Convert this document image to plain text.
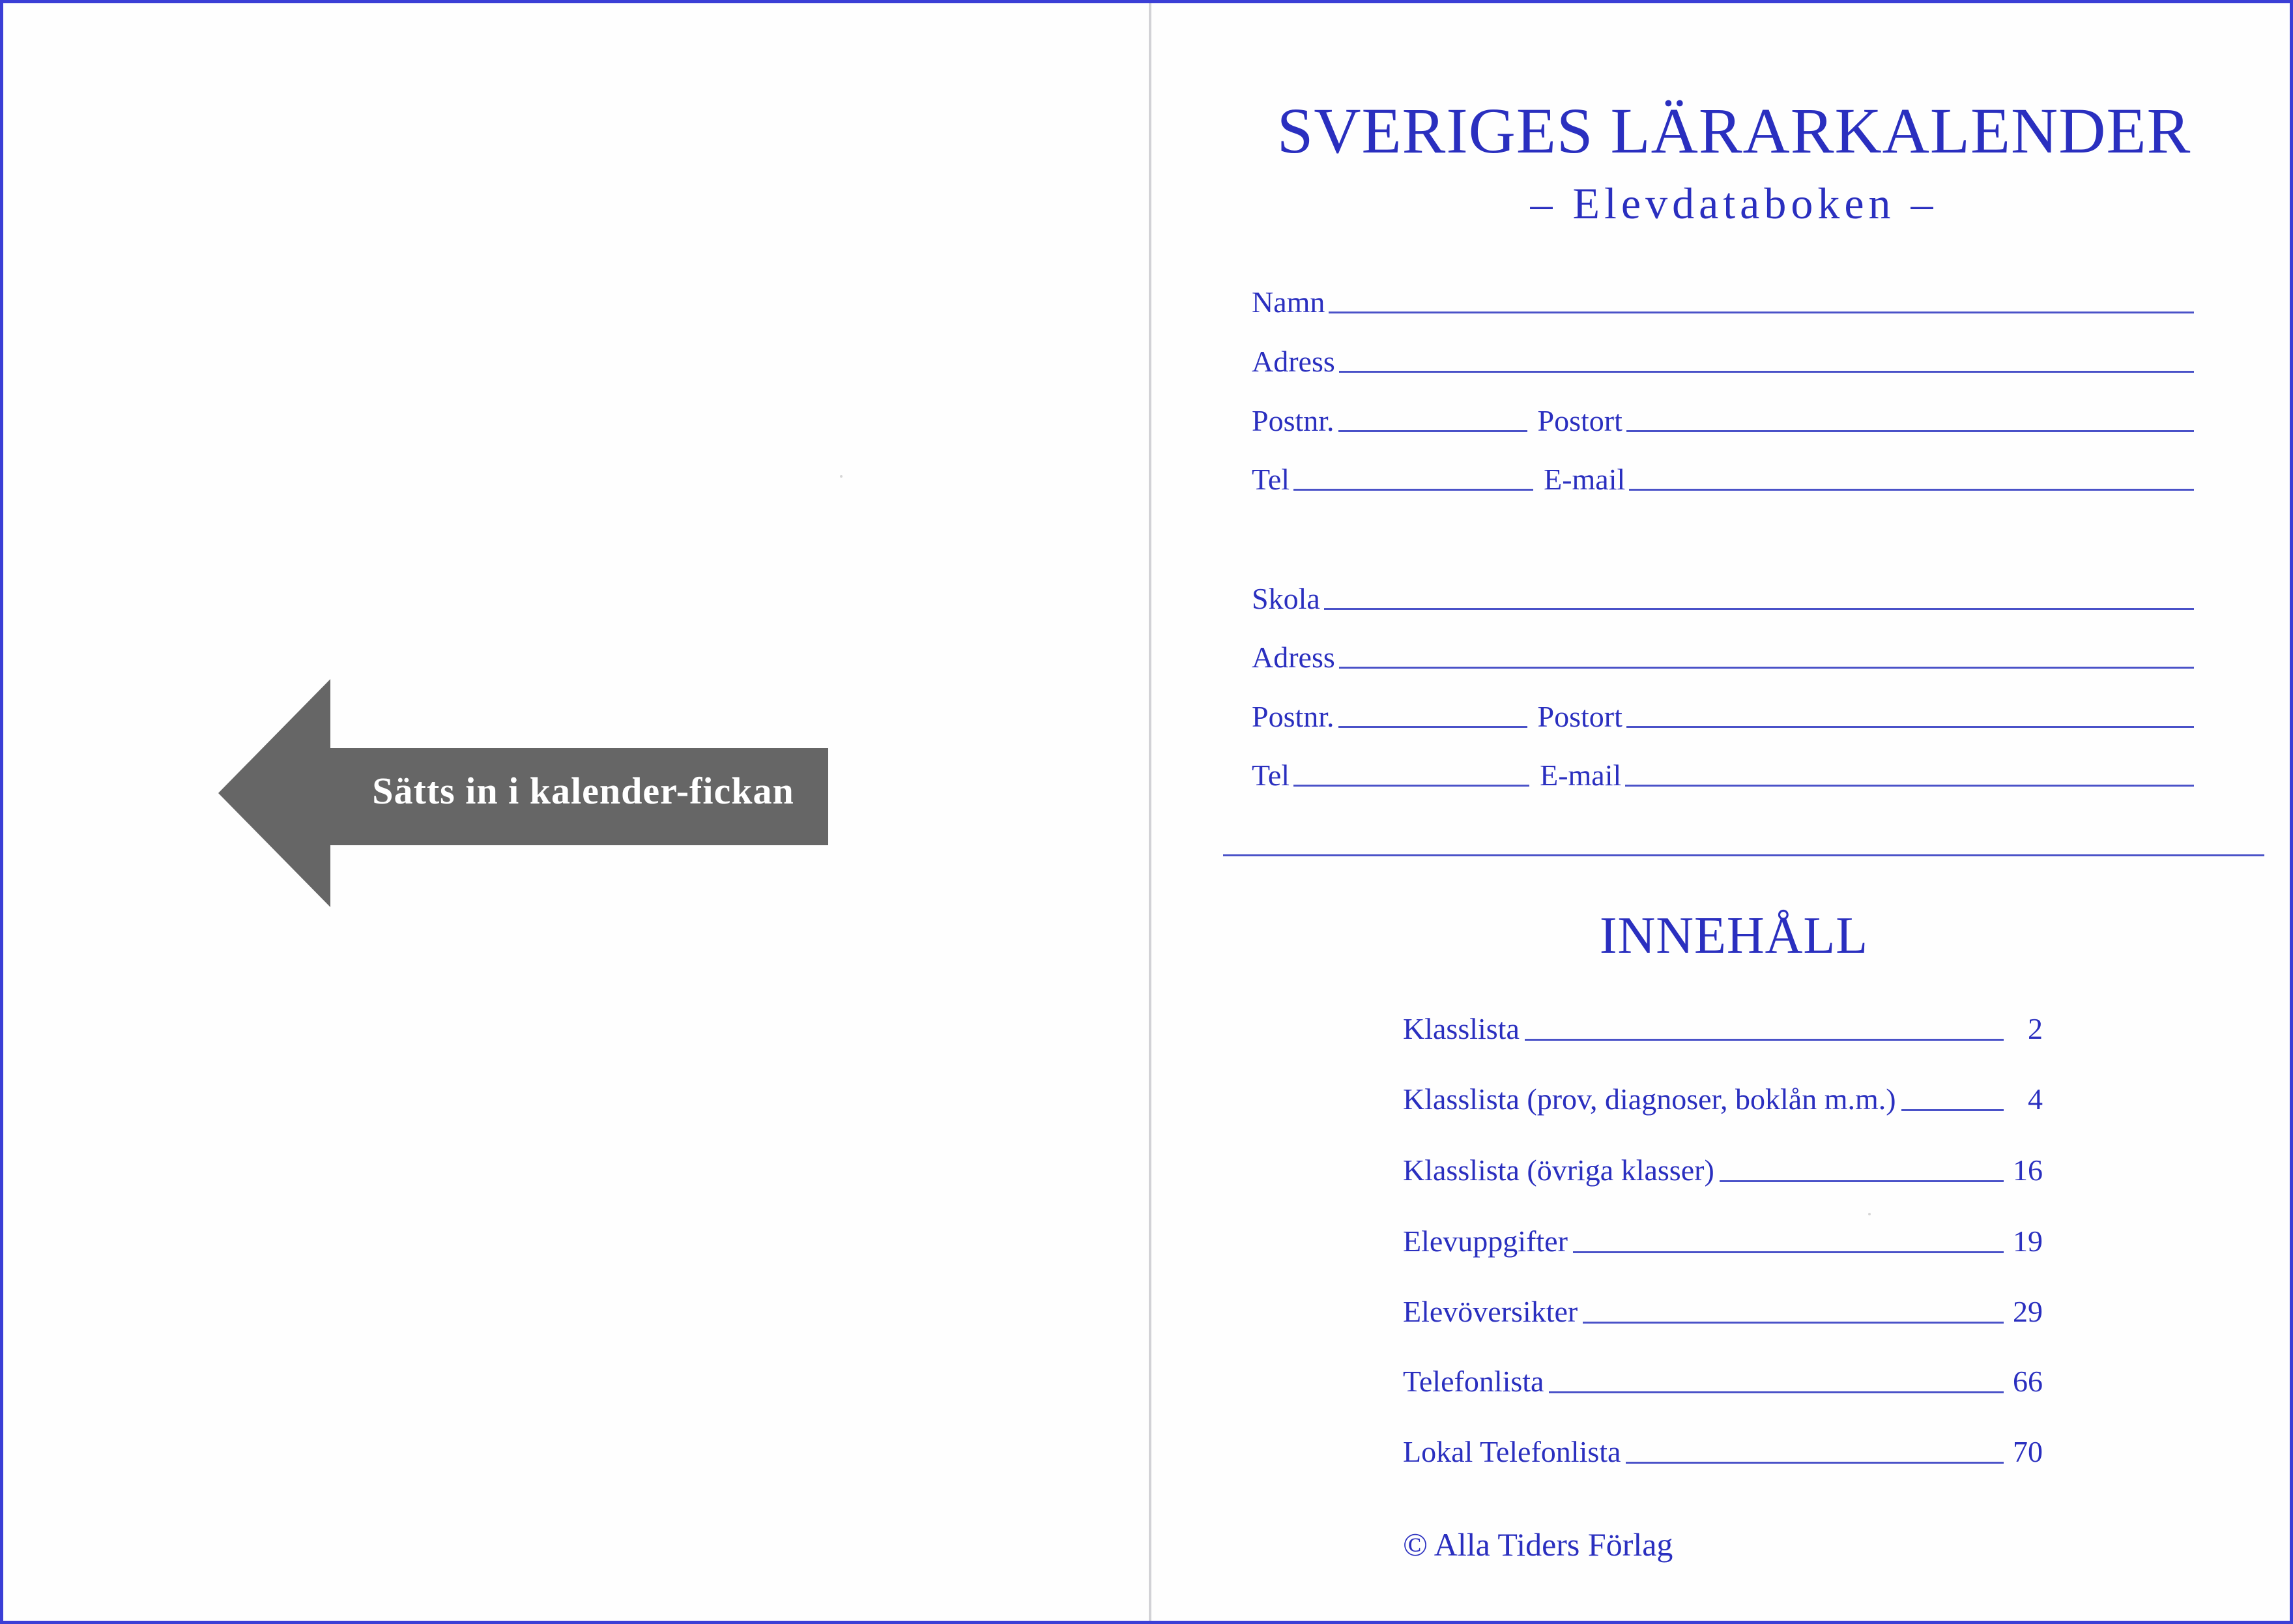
Sätts in i kalender-fickan
SVERIGES LÄRARKALENDER
– Elevdataboken –
Namn
Adress
Postnr.	Postort
Tel	E-mail
Skola
Adress
Postnr.	Postort
Tel	E-mail
INNEHÅLL
Klasslista	2
Klasslista (prov, diagnoser, boklån m.m.)	4
Klasslista (övriga klasser)	16
Elevuppgifter	19
Elevöversikter	29
Telefonlista	66
Lokal Telefonlista	70
© Alla Tiders Förlag
